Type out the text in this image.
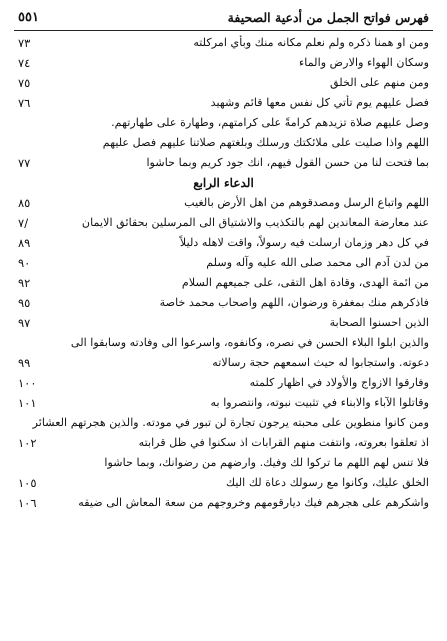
٥٥١	فهرس فواتح الجمل من أدعية الصحيفة
ومن او همنا ذكره ولم نعلم مكانه منك وبأي امركلته
٧٣
وسكان الهواء والارض والماء
٧٤
ومن منهم على الخلق
٧٥
فصل عليهم يوم تأتي كل نفس معها قائم وشهيد
٧٦
وصل عليهم صلاة تزيدهم كرامةً على كرامتهم، وطهارة على طهارتهم.
اللهم واذا صليت على ملائكتك ورسلك وبلغتهم صلاتنا عليهم فصل عليهم
بما فتحت لنا من حسن القول فيهم، انك جود كريم وبما حاشوا
٧٧
الدعاء الرابع
اللهم واتباع الرسل ومصدقوهم من اهل الأرض بالغيب
٨٥
عند معارضة المعاندين لهم بالتكذيب والاشتياق الى المرسلين بحقائق الايمان
٧/
في كل دهر وزمان ارسلت فيه رسولاً، واقت لاهله دليلاً
٨٩
من لدن آدم الى محمد صلى الله عليه وآله وسلم
٩٠
من ائمة الهدى، وقادة اهل التقى، على جميعهم السلام
٩٢
فاذكرهم منك بمغفرة ورضوان، اللهم واصحاب محمد خاصة
٩٥
الذين احسنوا الصحابة
٩٧
والذين ابلوا البلاء الحسن في نصره، وكانفوه، واسرعوا الى وفادته وسابقوا الى
دعوته. واستجابوا له حيث اسمعهم حجة رسالاته
٩٩
وفارقوا الازواج والأولاد في اظهار كلمته
١٠٠
وقاتلوا الآباء والابناء في تثبيت نبوته، وانتصروا به
١٠١
ومن كانوا منطوين على محبته يرجون تجارة لن تبور في مودته. والذين هجرتهم العشائر
اذ تعلقوا بعروته، وانتفت منهم القرابات اذ سكنوا في ظل قرابته
١٠٢
فلا تنس لهم اللهم ما تركوا لك وفيك. وارضهم من رضوانك، وبما حاشوا
الخلق عليك، وكانوا مع رسولك دعاة لك اليك
١٠٥
واشكرهم على هجرهم فيك ديارقومهم وخروجهم من سعة المعاش الى ضيقه
١٠٦
